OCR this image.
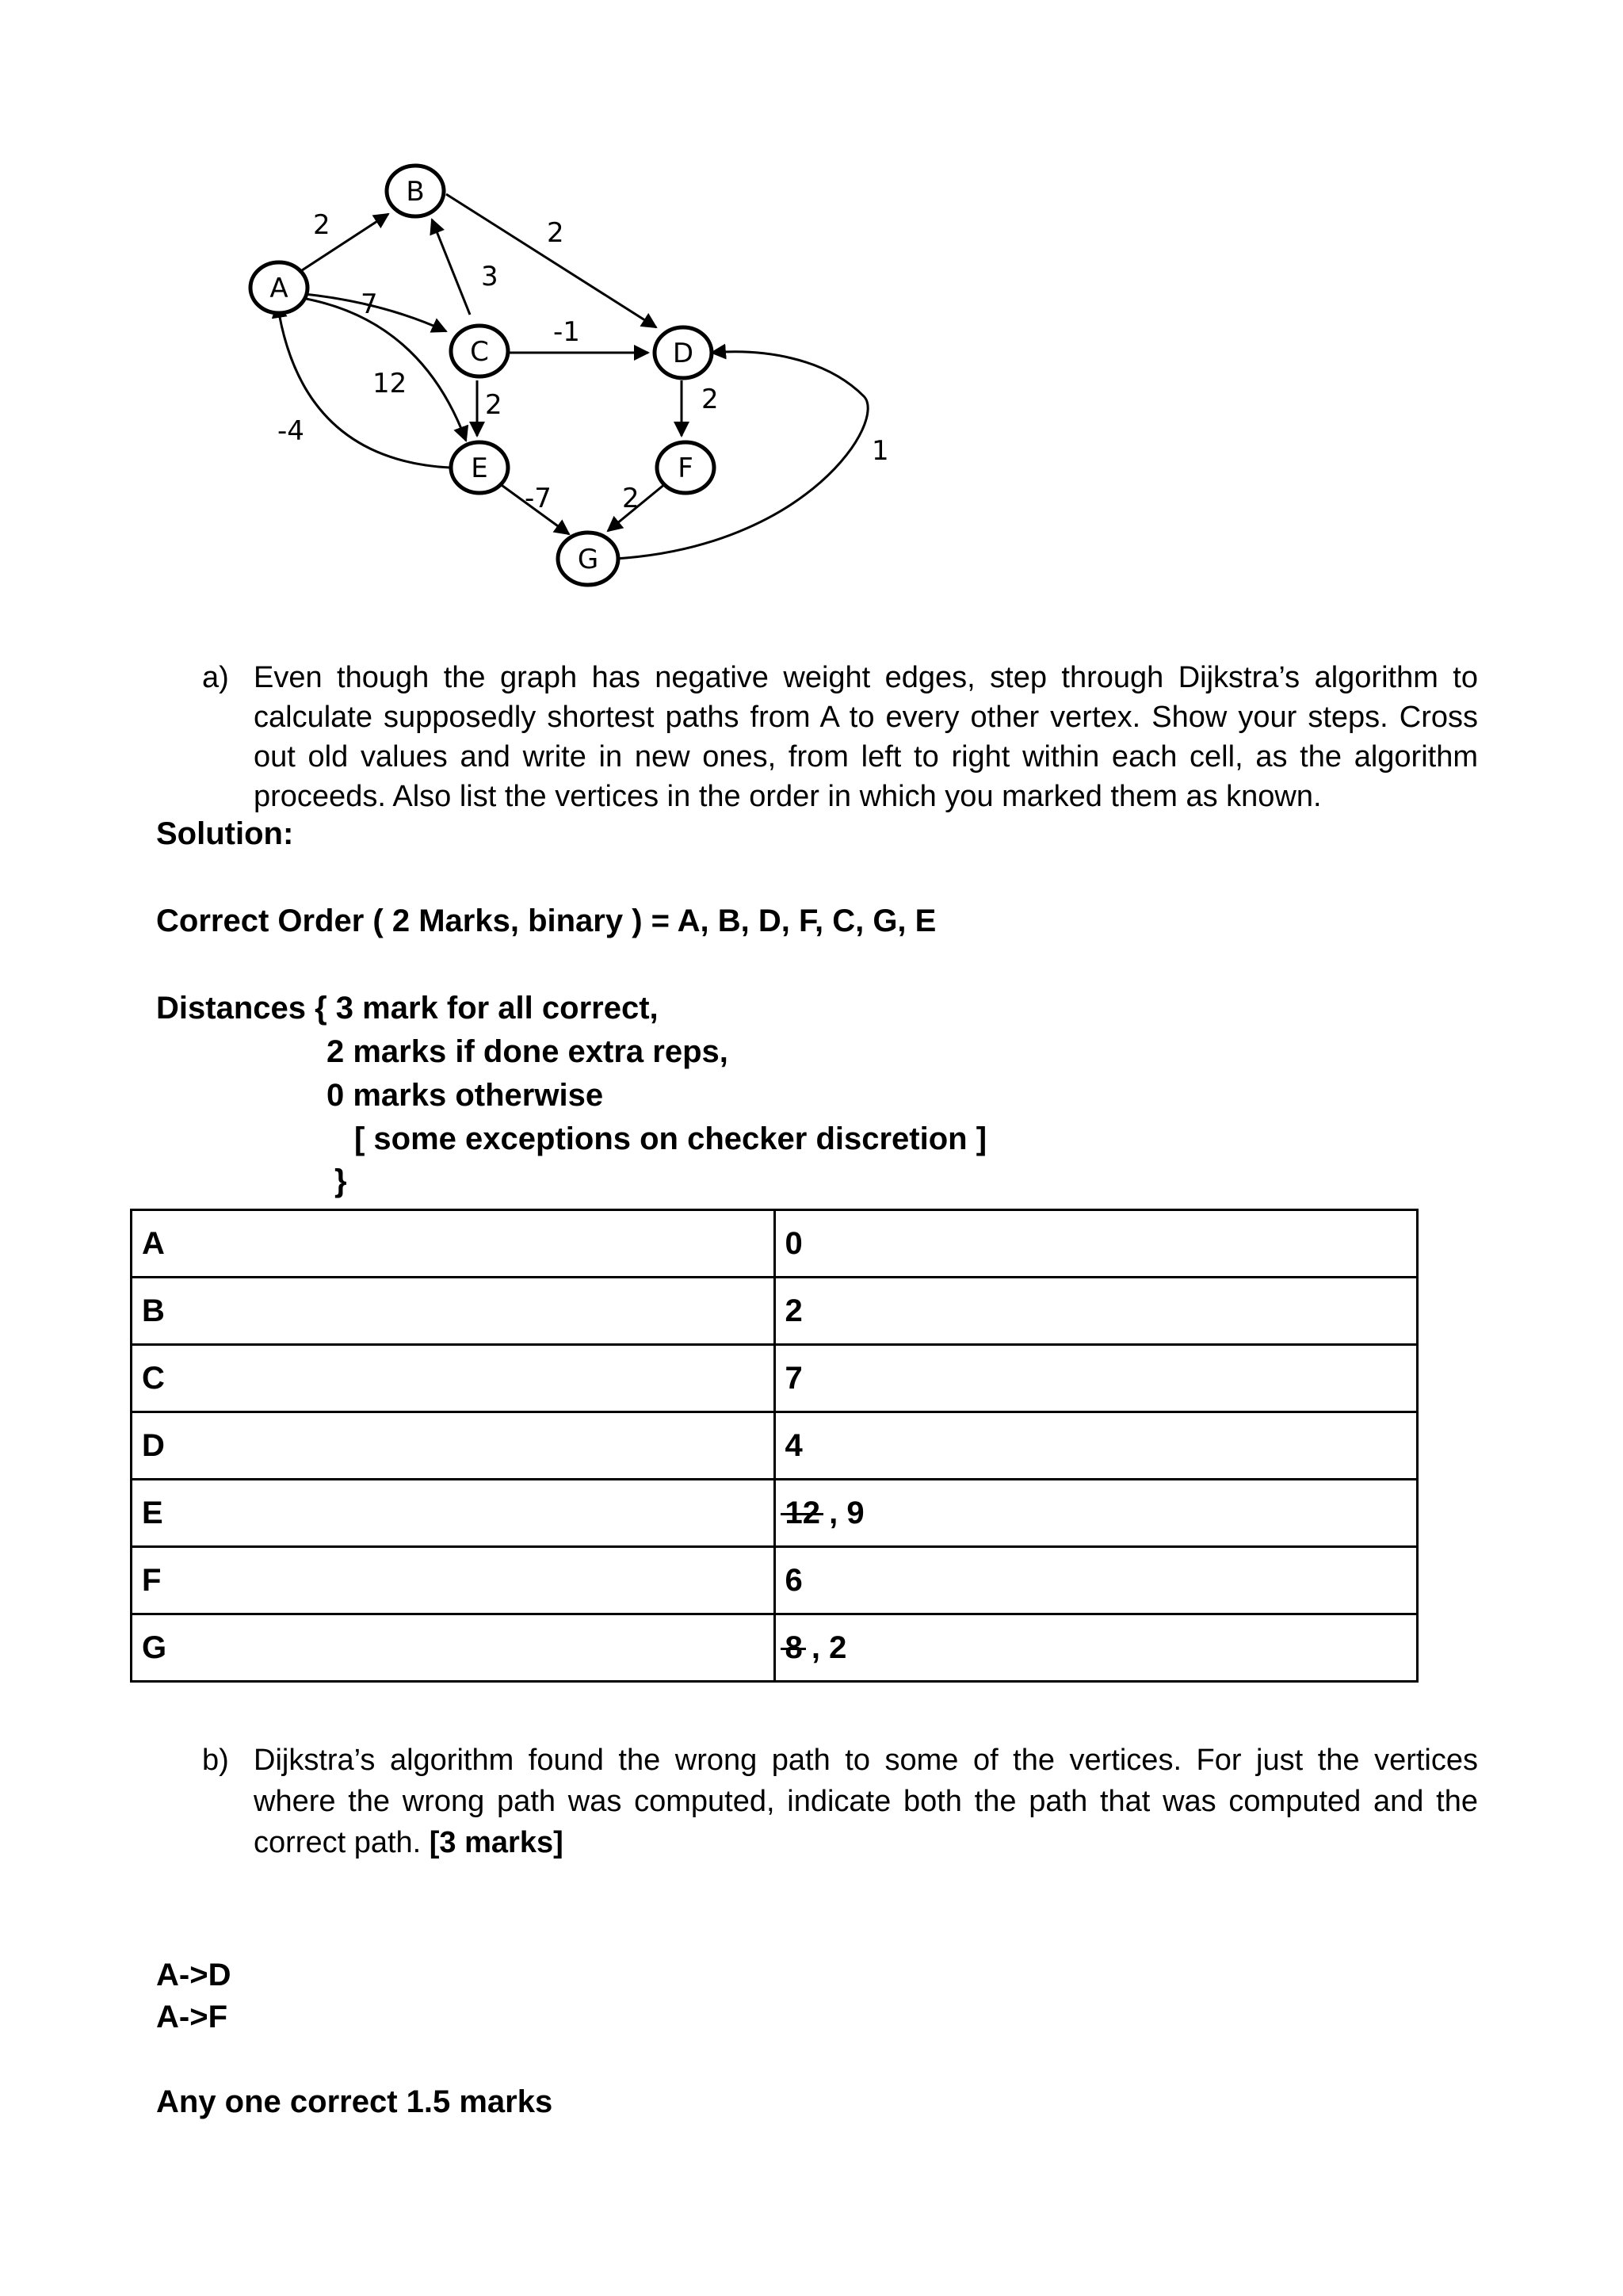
2
7
12
-4
3
2
-1
2	2
-7	2
1
A
B
C	D
E	F
G
a) Even though the graph has negative weight edges, step through Dijkstra’s algorithm to calculate supposedly shortest paths from A to every other vertex. Show your steps. Cross out old values and write in new ones, from left to right within each cell, as the algorithm proceeds. Also list the vertices in the order in which you marked them as known.
Solution:
Correct Order ( 2 Marks, binary ) = A, B, D, F, C, G, E
Distances { 3 mark for all correct,
2 marks if done extra reps,
0 marks otherwise
[ some exceptions on checker discretion ]
}
A	0
B	2
C	7
D	4
E	12 , 9
F	6
G	8 , 2
b) Dijkstra’s algorithm found the wrong path to some of the vertices. For just the vertices where the wrong path was computed, indicate both the path that was computed and the correct path. [3 marks]
A->D
A->F
Any one correct 1.5 marks
